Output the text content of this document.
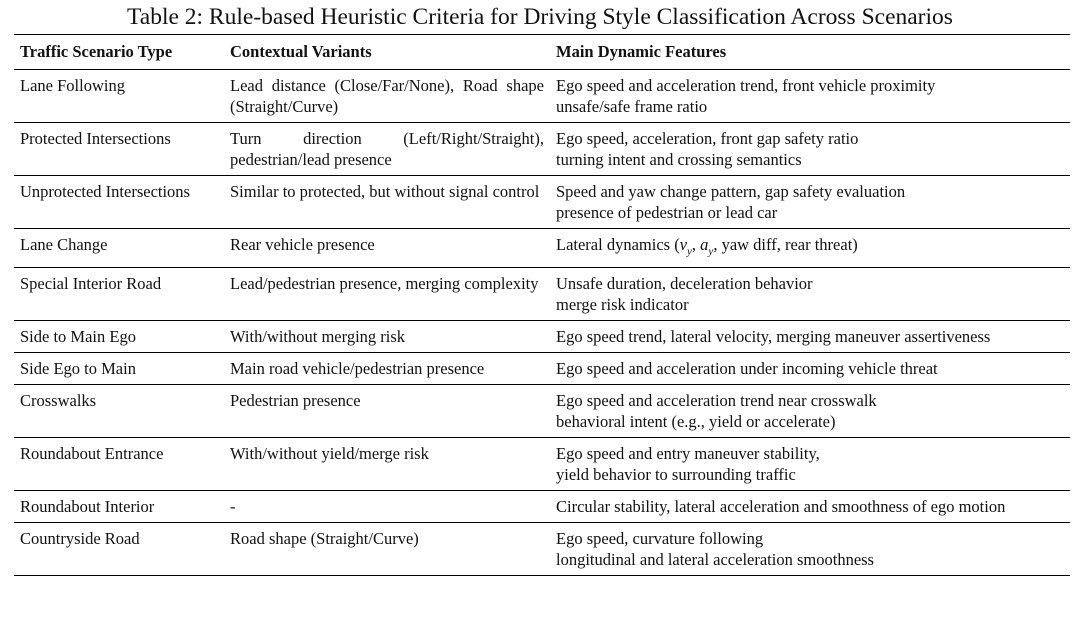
Table 2: Rule-based Heuristic Criteria for Driving Style Classification Across Scenarios
Traffic Scenario Type	Contextual Variants	Main Dynamic Features
Lane Following	Lead distance (Close/Far/None), Road shape (Straight/Curve)	Ego speed and acceleration trend, front vehicle proximity
unsafe/safe frame ratio

Protected Intersections	Turn direction (Left/Right/Straight), pedestrian/lead presence	Ego speed, acceleration, front gap safety ratio
turning intent and crossing semantics

Unprotected Intersections	Similar to protected, but without signal control	Speed and yaw change pattern, gap safety evaluation
presence of pedestrian or lead car

Lane Change	Rear vehicle presence	Lateral dynamics ($v_y$, $a_y$, yaw diff, rear threat)
Special Interior Road	Lead/pedestrian presence, merging complexity	Unsafe duration, deceleration behavior
merge risk indicator

Side to Main Ego	With/without merging risk	Ego speed trend, lateral velocity, merging maneuver assertiveness

Side Ego to Main	Main road vehicle/pedestrian presence	Ego speed and acceleration under incoming vehicle threat

Crosswalks	Pedestrian presence	Ego speed and acceleration trend near crosswalk
behavioral intent (e.g., yield or accelerate)

Roundabout Entrance	With/without yield/merge risk	Ego speed and entry maneuver stability,
yield behavior to surrounding traffic

Roundabout Interior	-	Circular stability, lateral acceleration and smoothness of ego motion

Countryside Road	Road shape (Straight/Curve)	Ego speed, curvature following
longitudinal and lateral acceleration smoothness
